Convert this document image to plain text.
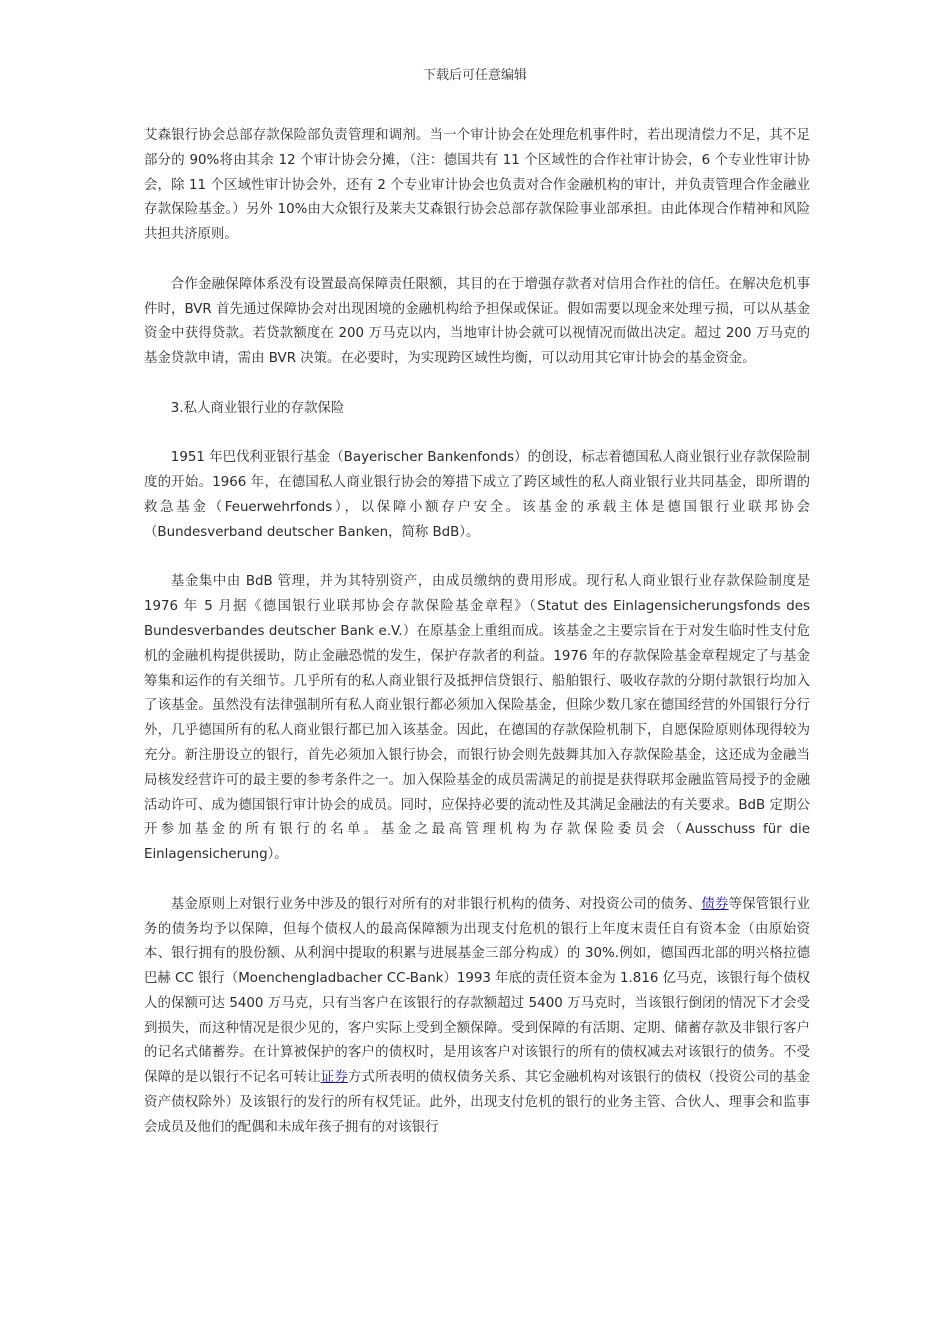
下载后可任意编辑

艾森银行协会总部存款保险部负责管理和调剂。当一个审计协会在处理危机事件时，若出现清偿力不足，其不足部分的 90%将由其余 12 个审计协会分摊，（注：德国共有 11 个区域性的合作社审计协会，6 个专业性审计协会，除 11 个区域性审计协会外，还有 2 个专业审计协会也负责对合作金融机构的审计，并负责管理合作金融业存款保险基金。）另外 10%由大众银行及莱夫艾森银行协会总部存款保险事业部承担。由此体现合作精神和风险共担共济原则。

合作金融保障体系没有设置最高保障责任限额，其目的在于增强存款者对信用合作社的信任。在解决危机事件时，BVR 首先通过保障协会对出现困境的金融机构给予担保或保证。假如需要以现金来处理亏损，可以从基金资金中获得贷款。若贷款额度在 200 万马克以内，当地审计协会就可以视情况而做出决定。超过 200 万马克的基金贷款申请，需由 BVR 决策。在必要时，为实现跨区域性均衡，可以动用其它审计协会的基金资金。

3.私人商业银行业的存款保险

1951 年巴伐利亚银行基金（Bayerischer Bankenfonds）的创设，标志着德国私人商业银行业存款保险制度的开始。1966 年，在德国私人商业银行协会的筹措下成立了跨区域性的私人商业银行业共同基金，即所谓的救急基金（Feuerwehrfonds），以保障小额存户安全。该基金的承载主体是德国银行业联邦协会（Bundesverband deutscher Banken，简称 BdB）。

基金集中由 BdB 管理，并为其特别资产，由成员缴纳的费用形成。现行私人商业银行业存款保险制度是 1976 年 5 月据《德国银行业联邦协会存款保险基金章程》（Statut des Einlagensicherungsfonds des Bundesverbandes deutscher Bank e.V.）在原基金上重组而成。该基金之主要宗旨在于对发生临时性支付危机的金融机构提供援助，防止金融恐慌的发生，保护存款者的利益。1976 年的存款保险基金章程规定了与基金筹集和运作的有关细节。几乎所有的私人商业银行及抵押信贷银行、船舶银行、吸收存款的分期付款银行均加入了该基金。虽然没有法律强制所有私人商业银行都必须加入保险基金，但除少数几家在德国经营的外国银行分行外，几乎德国所有的私人商业银行都已加入该基金。因此，在德国的存款保险机制下，自愿保险原则体现得较为充分。新注册设立的银行，首先必须加入银行协会，而银行协会则先鼓舞其加入存款保险基金，这还成为金融当局核发经营许可的最主要的参考条件之一。加入保险基金的成员需满足的前提是获得联邦金融监管局授予的金融活动许可、成为德国银行审计协会的成员。同时，应保持必要的流动性及其满足金融法的有关要求。BdB 定期公开参加基金的所有银行的名单。基金之最高管理机构为存款保险委员会（Ausschuss für die Einlagensicherung）。

基金原则上对银行业务中涉及的银行对所有的对非银行机构的债务、对投资公司的债务、债券等保管银行业务的债务均予以保障，但每个债权人的最高保障额为出现支付危机的银行上年度末责任自有资本金（由原始资本、银行拥有的股份额、从利润中提取的积累与进展基金三部分构成）的 30%.例如，德国西北部的明兴格拉德巴赫 CC 银行（Moenchengladbacher CC-Bank）1993 年底的责任资本金为 1.816 亿马克，该银行每个债权人的保额可达 5400 万马克，只有当客户在该银行的存款额超过 5400 万马克时，当该银行倒闭的情况下才会受到损失，而这种情况是很少见的，客户实际上受到全额保障。受到保障的有活期、定期、储蓄存款及非银行客户的记名式储蓄券。在计算被保护的客户的债权时，是用该客户对该银行的所有的债权减去对该银行的债务。不受保障的是以银行不记名可转让证券方式所表明的债权债务关系、其它金融机构对该银行的债权（投资公司的基金资产债权除外）及该银行的发行的所有权凭证。此外，出现支付危机的银行的业务主管、合伙人、理事会和监事会成员及他们的配偶和未成年孩子拥有的对该银行
